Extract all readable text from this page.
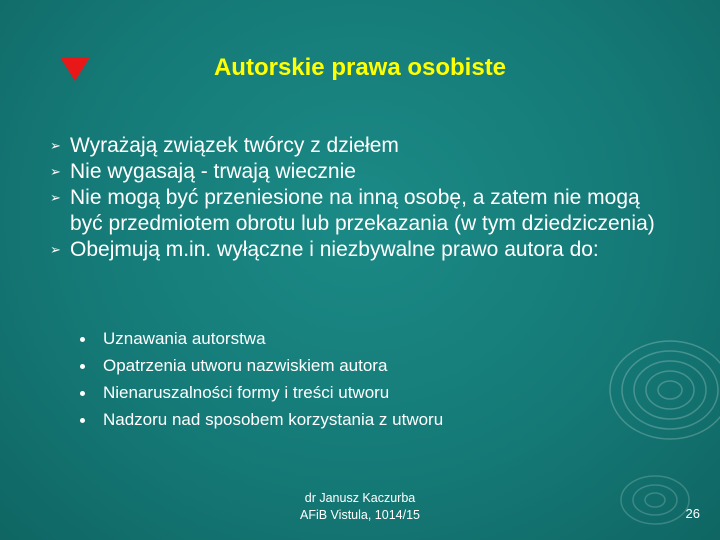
Autorskie prawa osobiste
➢ Wyrażają związek twórcy z dziełem
➢ Nie wygasają - trwają wiecznie
➢ Nie mogą być przeniesione na inną osobę, a zatem nie mogą być przedmiotem obrotu lub przekazania (w tym dziedziczenia)
➢ Obejmują m.in. wyłączne i niezbywalne prawo autora do:
Uznawania autorstwa
Opatrzenia utworu nazwiskiem autora
Nienaruszalności formy i treści utworu
Nadzoru nad sposobem korzystania z utworu
dr Janusz Kaczurba
AFiB Vistula, 1014/15	26
